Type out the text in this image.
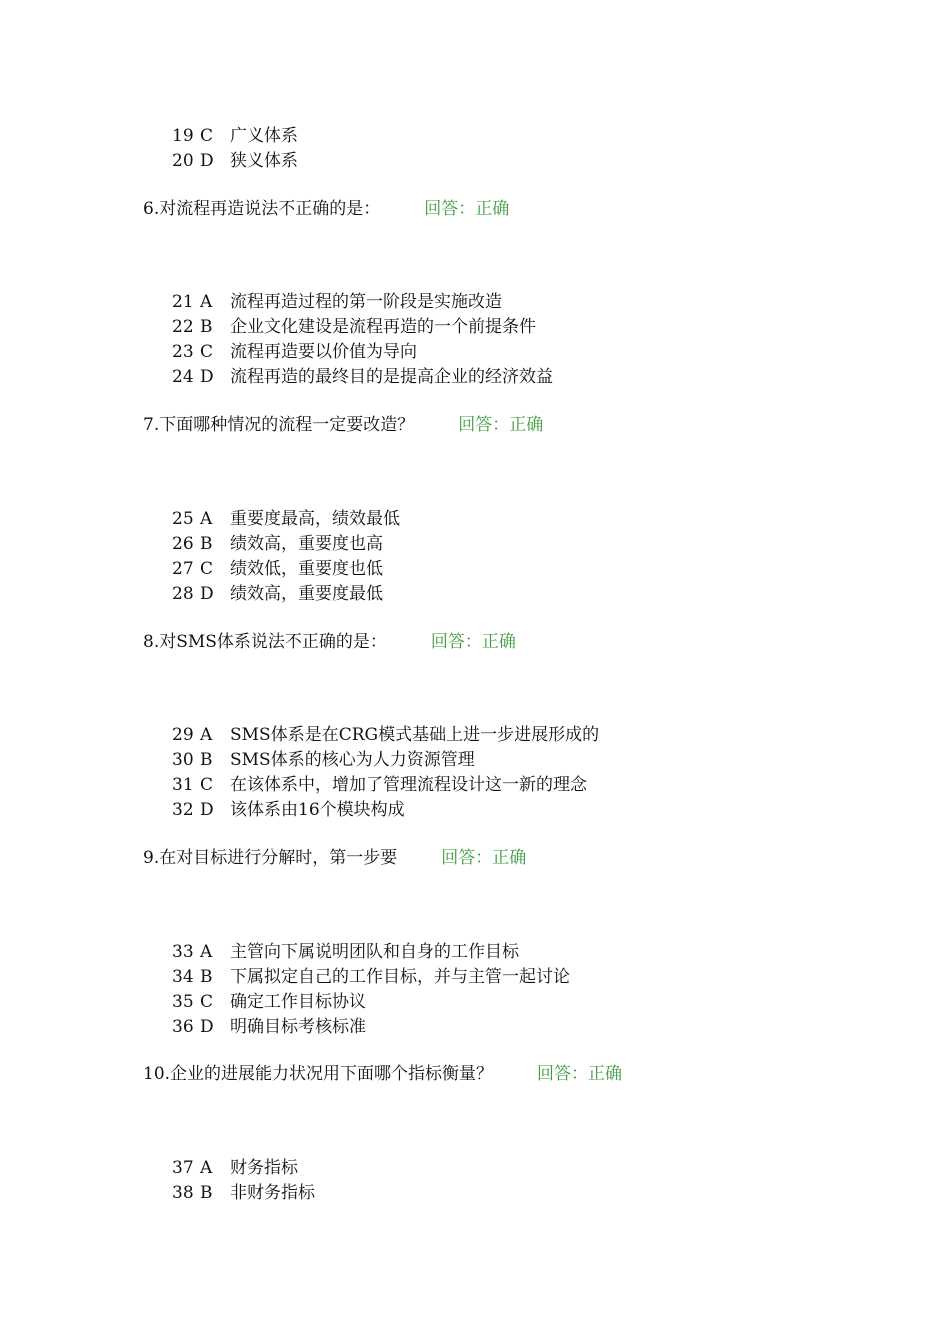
19 C 广义体系
20 D 狭义体系
6.对流程再造说法不正确的是：	回答：正确
21 A 流程再造过程的第一阶段是实施改造
22 B 企业文化建设是流程再造的一个前提条件
23 C 流程再造要以价值为导向
24 D 流程再造的最终目的是提高企业的经济效益
7.下面哪种情况的流程一定要改造？	回答：正确
25 A 重要度最高，绩效最低
26 B 绩效高，重要度也高
27 C 绩效低，重要度也低
28 D 绩效高，重要度最低
8.对SMS体系说法不正确的是：	回答：正确
29 A SMS体系是在CRG模式基础上进一步进展形成的
30 B SMS体系的核心为人力资源管理
31 C 在该体系中，增加了管理流程设计这一新的理念
32 D 该体系由16个模块构成
9.在对目标进行分解时，第一步要	回答：正确
33 A 主管向下属说明团队和自身的工作目标
34 B 下属拟定自己的工作目标，并与主管一起讨论
35 C 确定工作目标协议
36 D 明确目标考核标准
10.企业的进展能力状况用下面哪个指标衡量？	回答：正确
37 A 财务指标
38 B 非财务指标
